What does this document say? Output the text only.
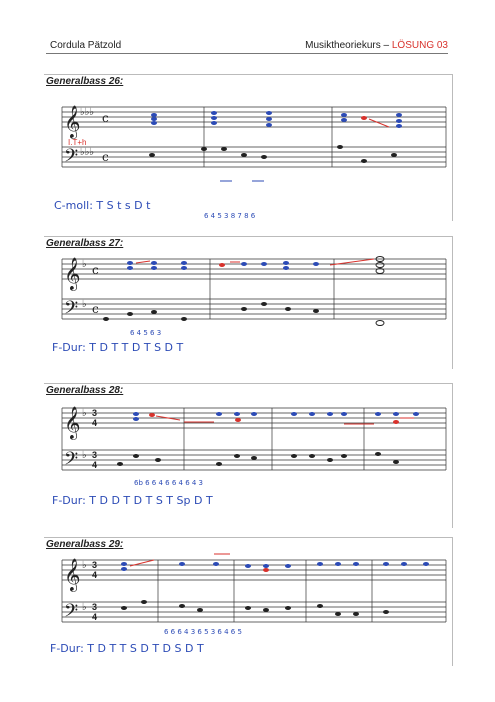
Cordula Pätzold	Musiktheoriekurs – LÖSUNG 03
Generalbass 26:
𝄞
𝄢
♭♭♭
♭♭♭
c
c
I.T+h
C-moll: T S t s D t
6 4 5 3 8 7 8 6
Generalbass 27:
𝄞
𝄢
♭
♭
c
c
F-Dur: T D T T D T S D T
6 4 5 6 3
Generalbass 28:
𝄞
𝄢
♭
♭
3
4
3
4
F-Dur: T D D T D T S T Sp D T
6b 6 6 4 6 6 4 6 4 3
Generalbass 29:
𝄞
𝄢
♭
♭
3
4
3
4
F-Dur: T D T T S D T D S D T
6 6 6 4 3 6 5 3 6 4 6 5
